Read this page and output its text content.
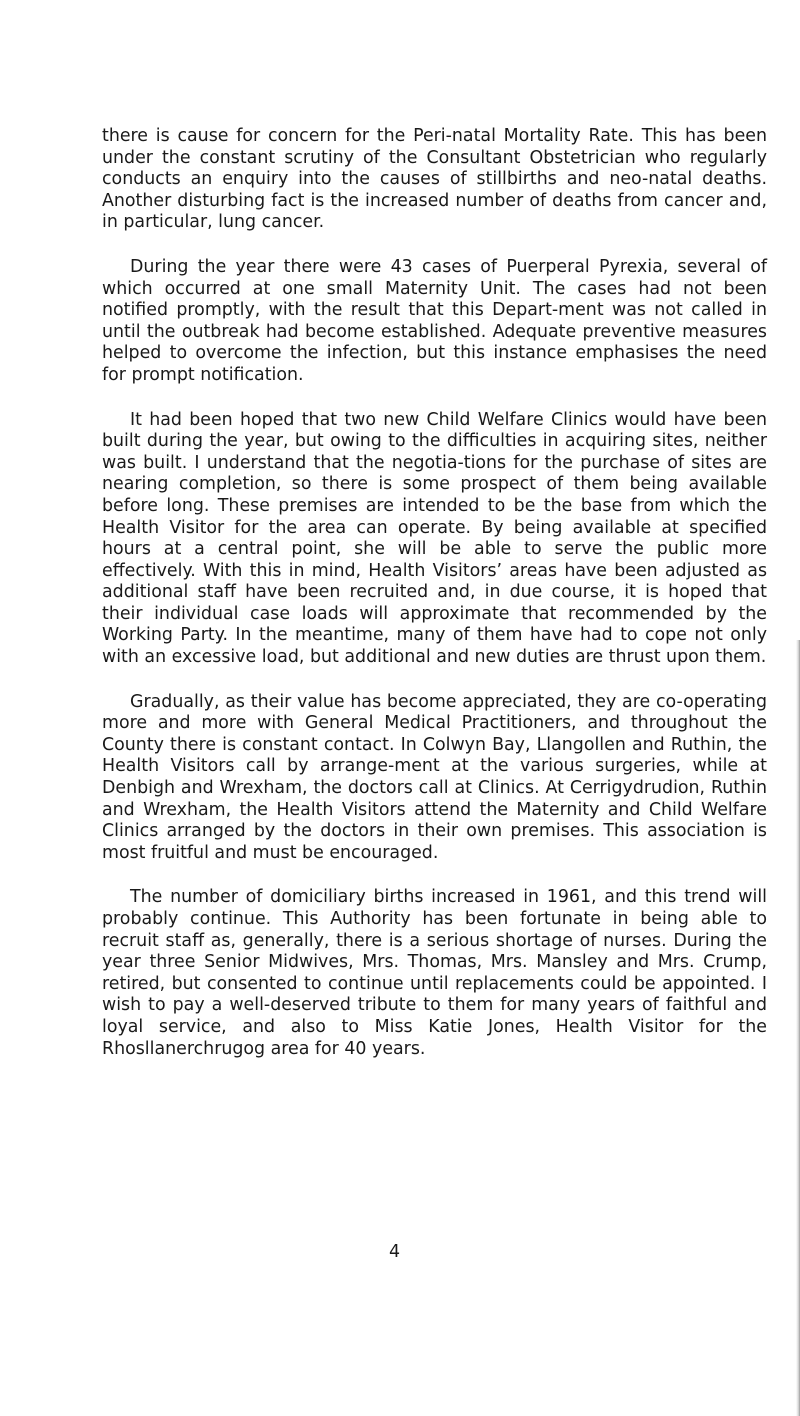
there is cause for concern for the Peri-natal Mortality Rate. This has been under the constant scrutiny of the Consultant Obstetrician who regularly conducts an enquiry into the causes of stillbirths and neo-natal deaths. Another disturbing fact is the increased number of deaths from cancer and, in particular, lung cancer.

During the year there were 43 cases of Puerperal Pyrexia, several of which occurred at one small Maternity Unit. The cases had not been notified promptly, with the result that this Depart-ment was not called in until the outbreak had become established. Adequate preventive measures helped to overcome the infection, but this instance emphasises the need for prompt notification.

It had been hoped that two new Child Welfare Clinics would have been built during the year, but owing to the difficulties in acquiring sites, neither was built. I understand that the negotia-tions for the purchase of sites are nearing completion, so there is some prospect of them being available before long. These premises are intended to be the base from which the Health Visitor for the area can operate. By being available at specified hours at a central point, she will be able to serve the public more effectively. With this in mind, Health Visitors’ areas have been adjusted as additional staff have been recruited and, in due course, it is hoped that their individual case loads will approximate that recommended by the Working Party. In the meantime, many of them have had to cope not only with an excessive load, but additional and new duties are thrust upon them.

Gradually, as their value has become appreciated, they are co-operating more and more with General Medical Practitioners, and throughout the County there is constant contact. In Colwyn Bay, Llangollen and Ruthin, the Health Visitors call by arrange-ment at the various surgeries, while at Denbigh and Wrexham, the doctors call at Clinics. At Cerrigydrudion, Ruthin and Wrexham, the Health Visitors attend the Maternity and Child Welfare Clinics arranged by the doctors in their own premises. This association is most fruitful and must be encouraged.

The number of domiciliary births increased in 1961, and this trend will probably continue. This Authority has been fortunate in being able to recruit staff as, generally, there is a serious shortage of nurses. During the year three Senior Midwives, Mrs. Thomas, Mrs. Mansley and Mrs. Crump, retired, but consented to continue until replacements could be appointed. I wish to pay a well-deserved tribute to them for many years of faithful and loyal service, and also to Miss Katie Jones, Health Visitor for the Rhosllanerchrugog area for 40 years.

4
